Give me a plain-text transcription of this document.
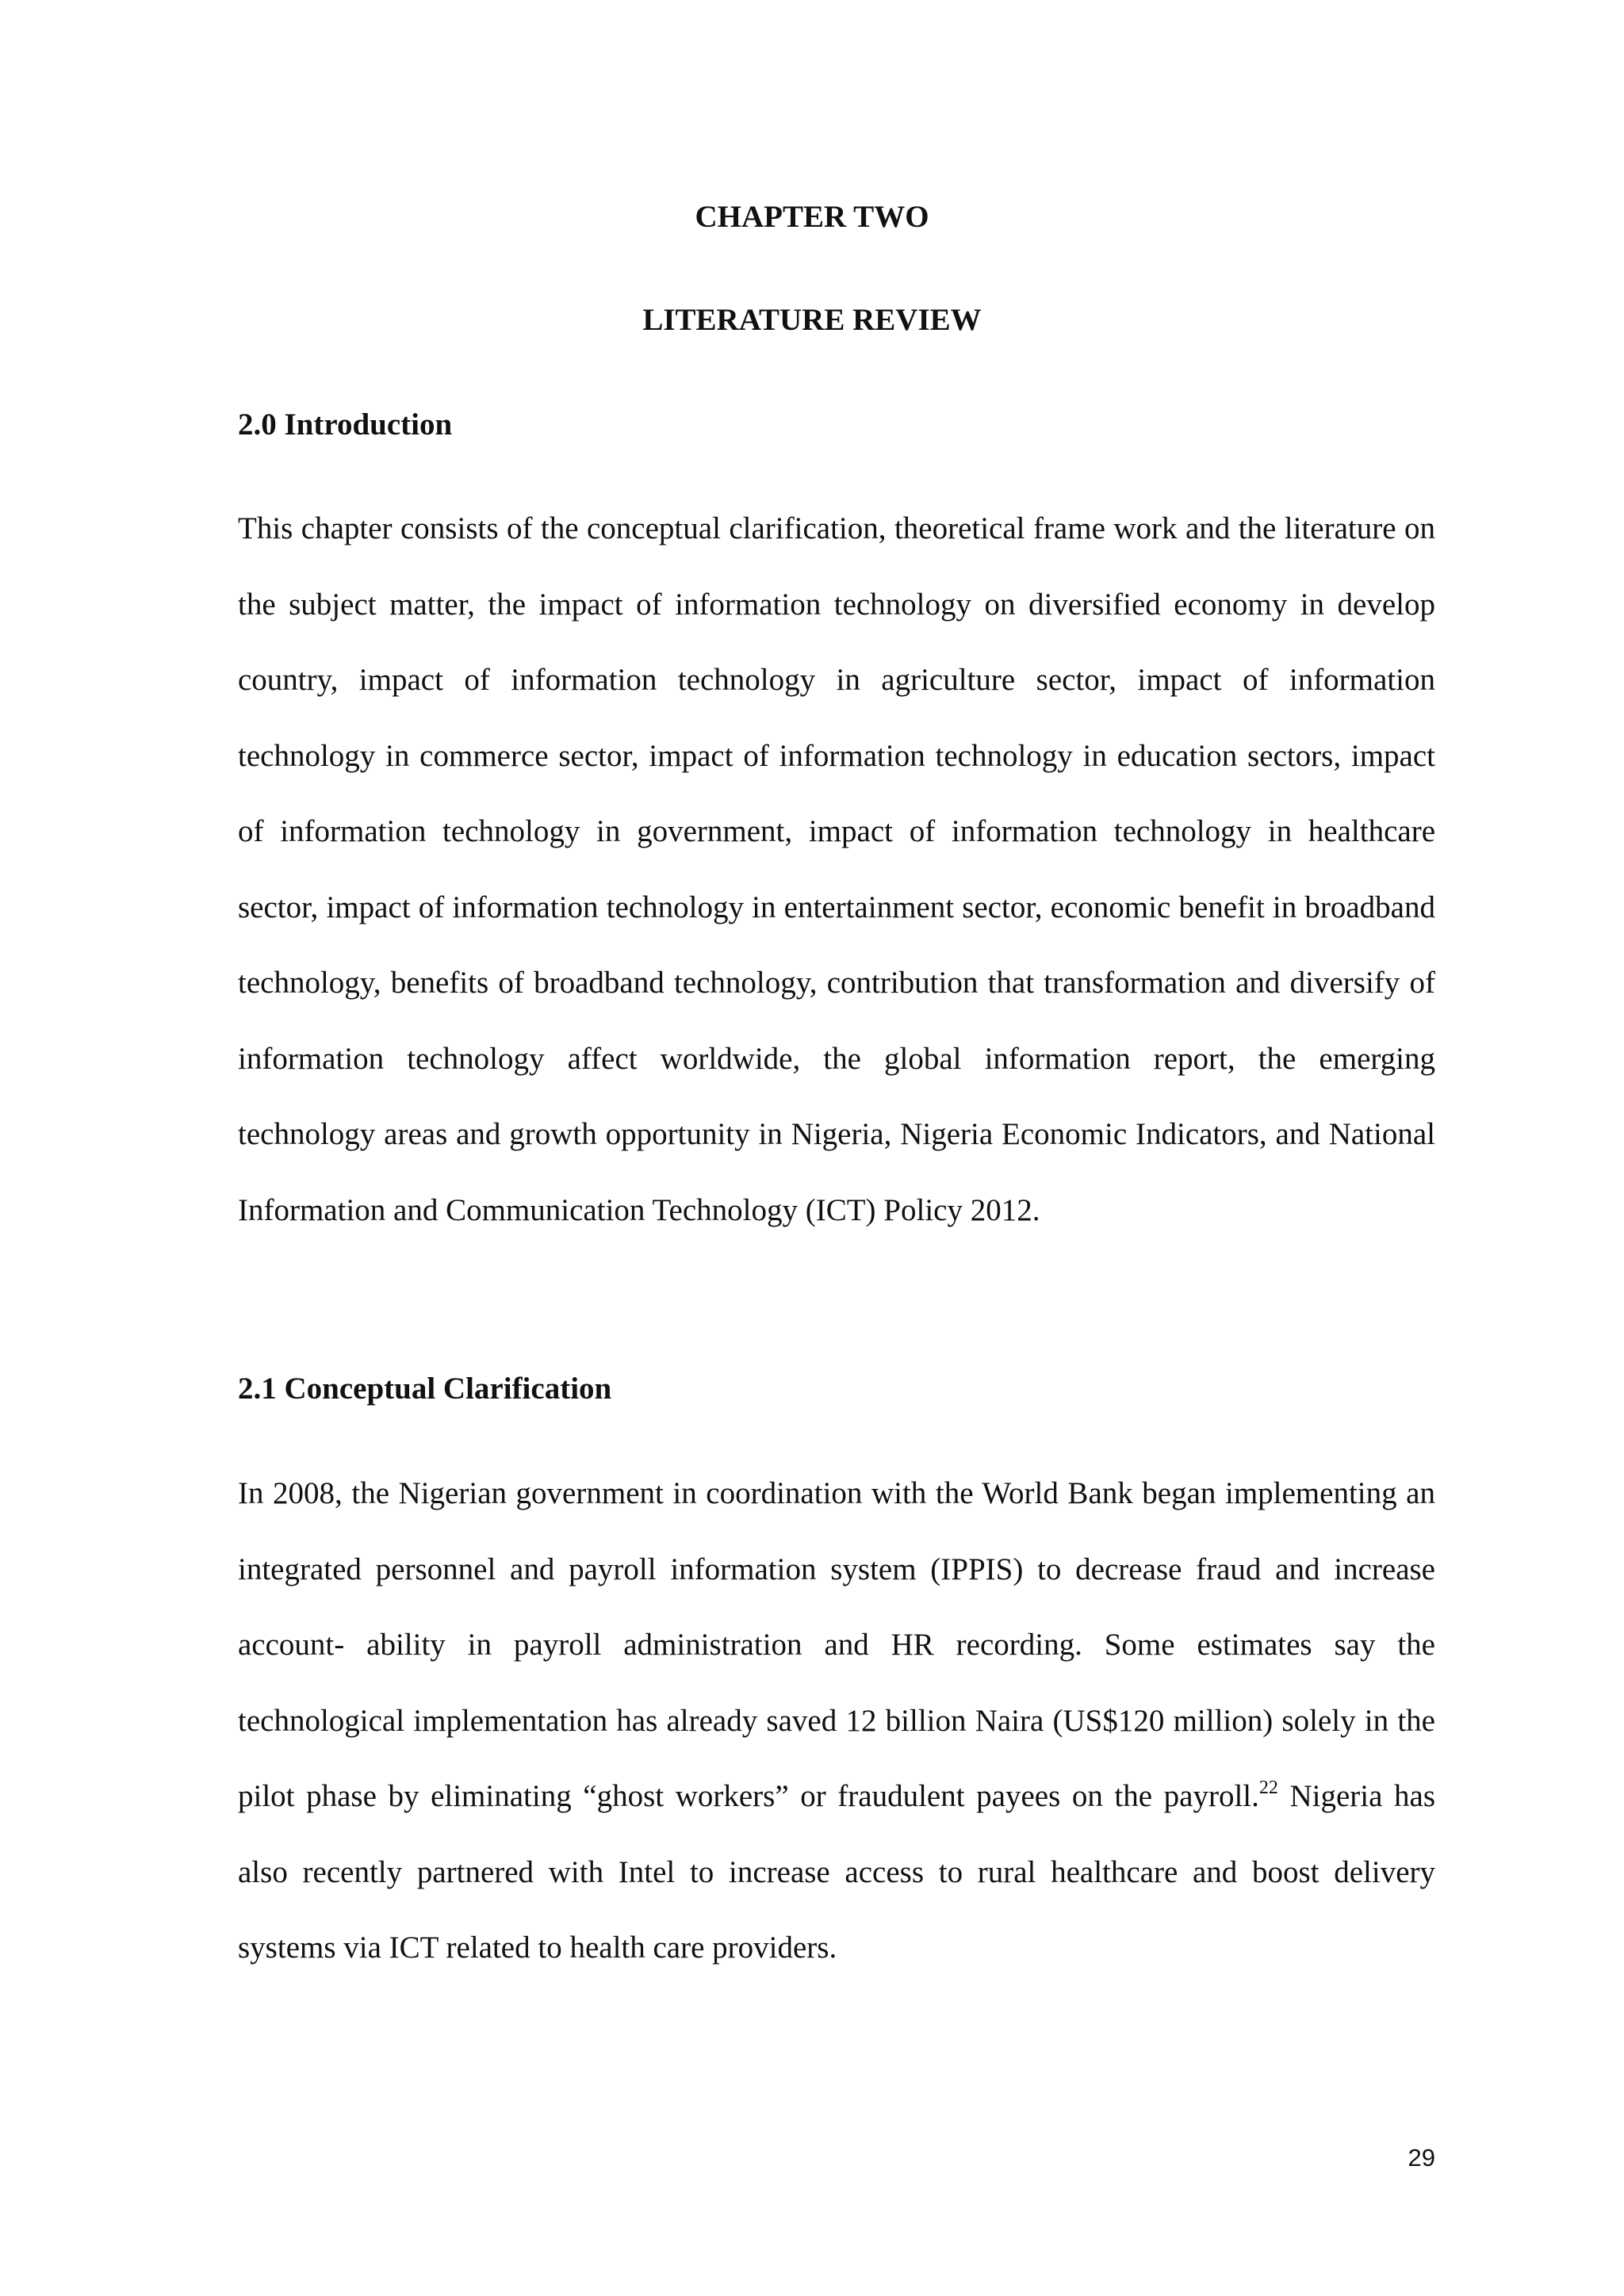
CHAPTER TWO
LITERATURE REVIEW
2.0 Introduction

This chapter consists of the conceptual clarification, theoretical frame work and the literature on the subject matter, the impact of information technology on diversified economy in develop country, impact of information technology in agriculture sector, impact of information technology in commerce sector, impact of information technology in education sectors, impact of information technology in government, impact of information technology in healthcare sector, impact of information technology in entertainment sector, economic benefit in broadband technology, benefits of broadband technology, contribution that transformation and diversify of information technology affect worldwide, the global information report, the emerging technology areas and growth opportunity in Nigeria, Nigeria Economic Indicators, and National Information and Communication Technology (ICT) Policy 2012.

2.1 Conceptual Clarification

In 2008, the Nigerian government in coordination with the World Bank began implementing an integrated personnel and payroll information system (IPPIS) to decrease fraud and increase account- ability in payroll administration and HR recording. Some estimates say the technological implementation has already saved 12 billion Naira (US$120 million) solely in the pilot phase by eliminating “ghost workers” or fraudulent payees on the payroll.$^{22}$ Nigeria has also recently partnered with Intel to increase access to rural healthcare and boost delivery systems via ICT related to health care providers.

29
